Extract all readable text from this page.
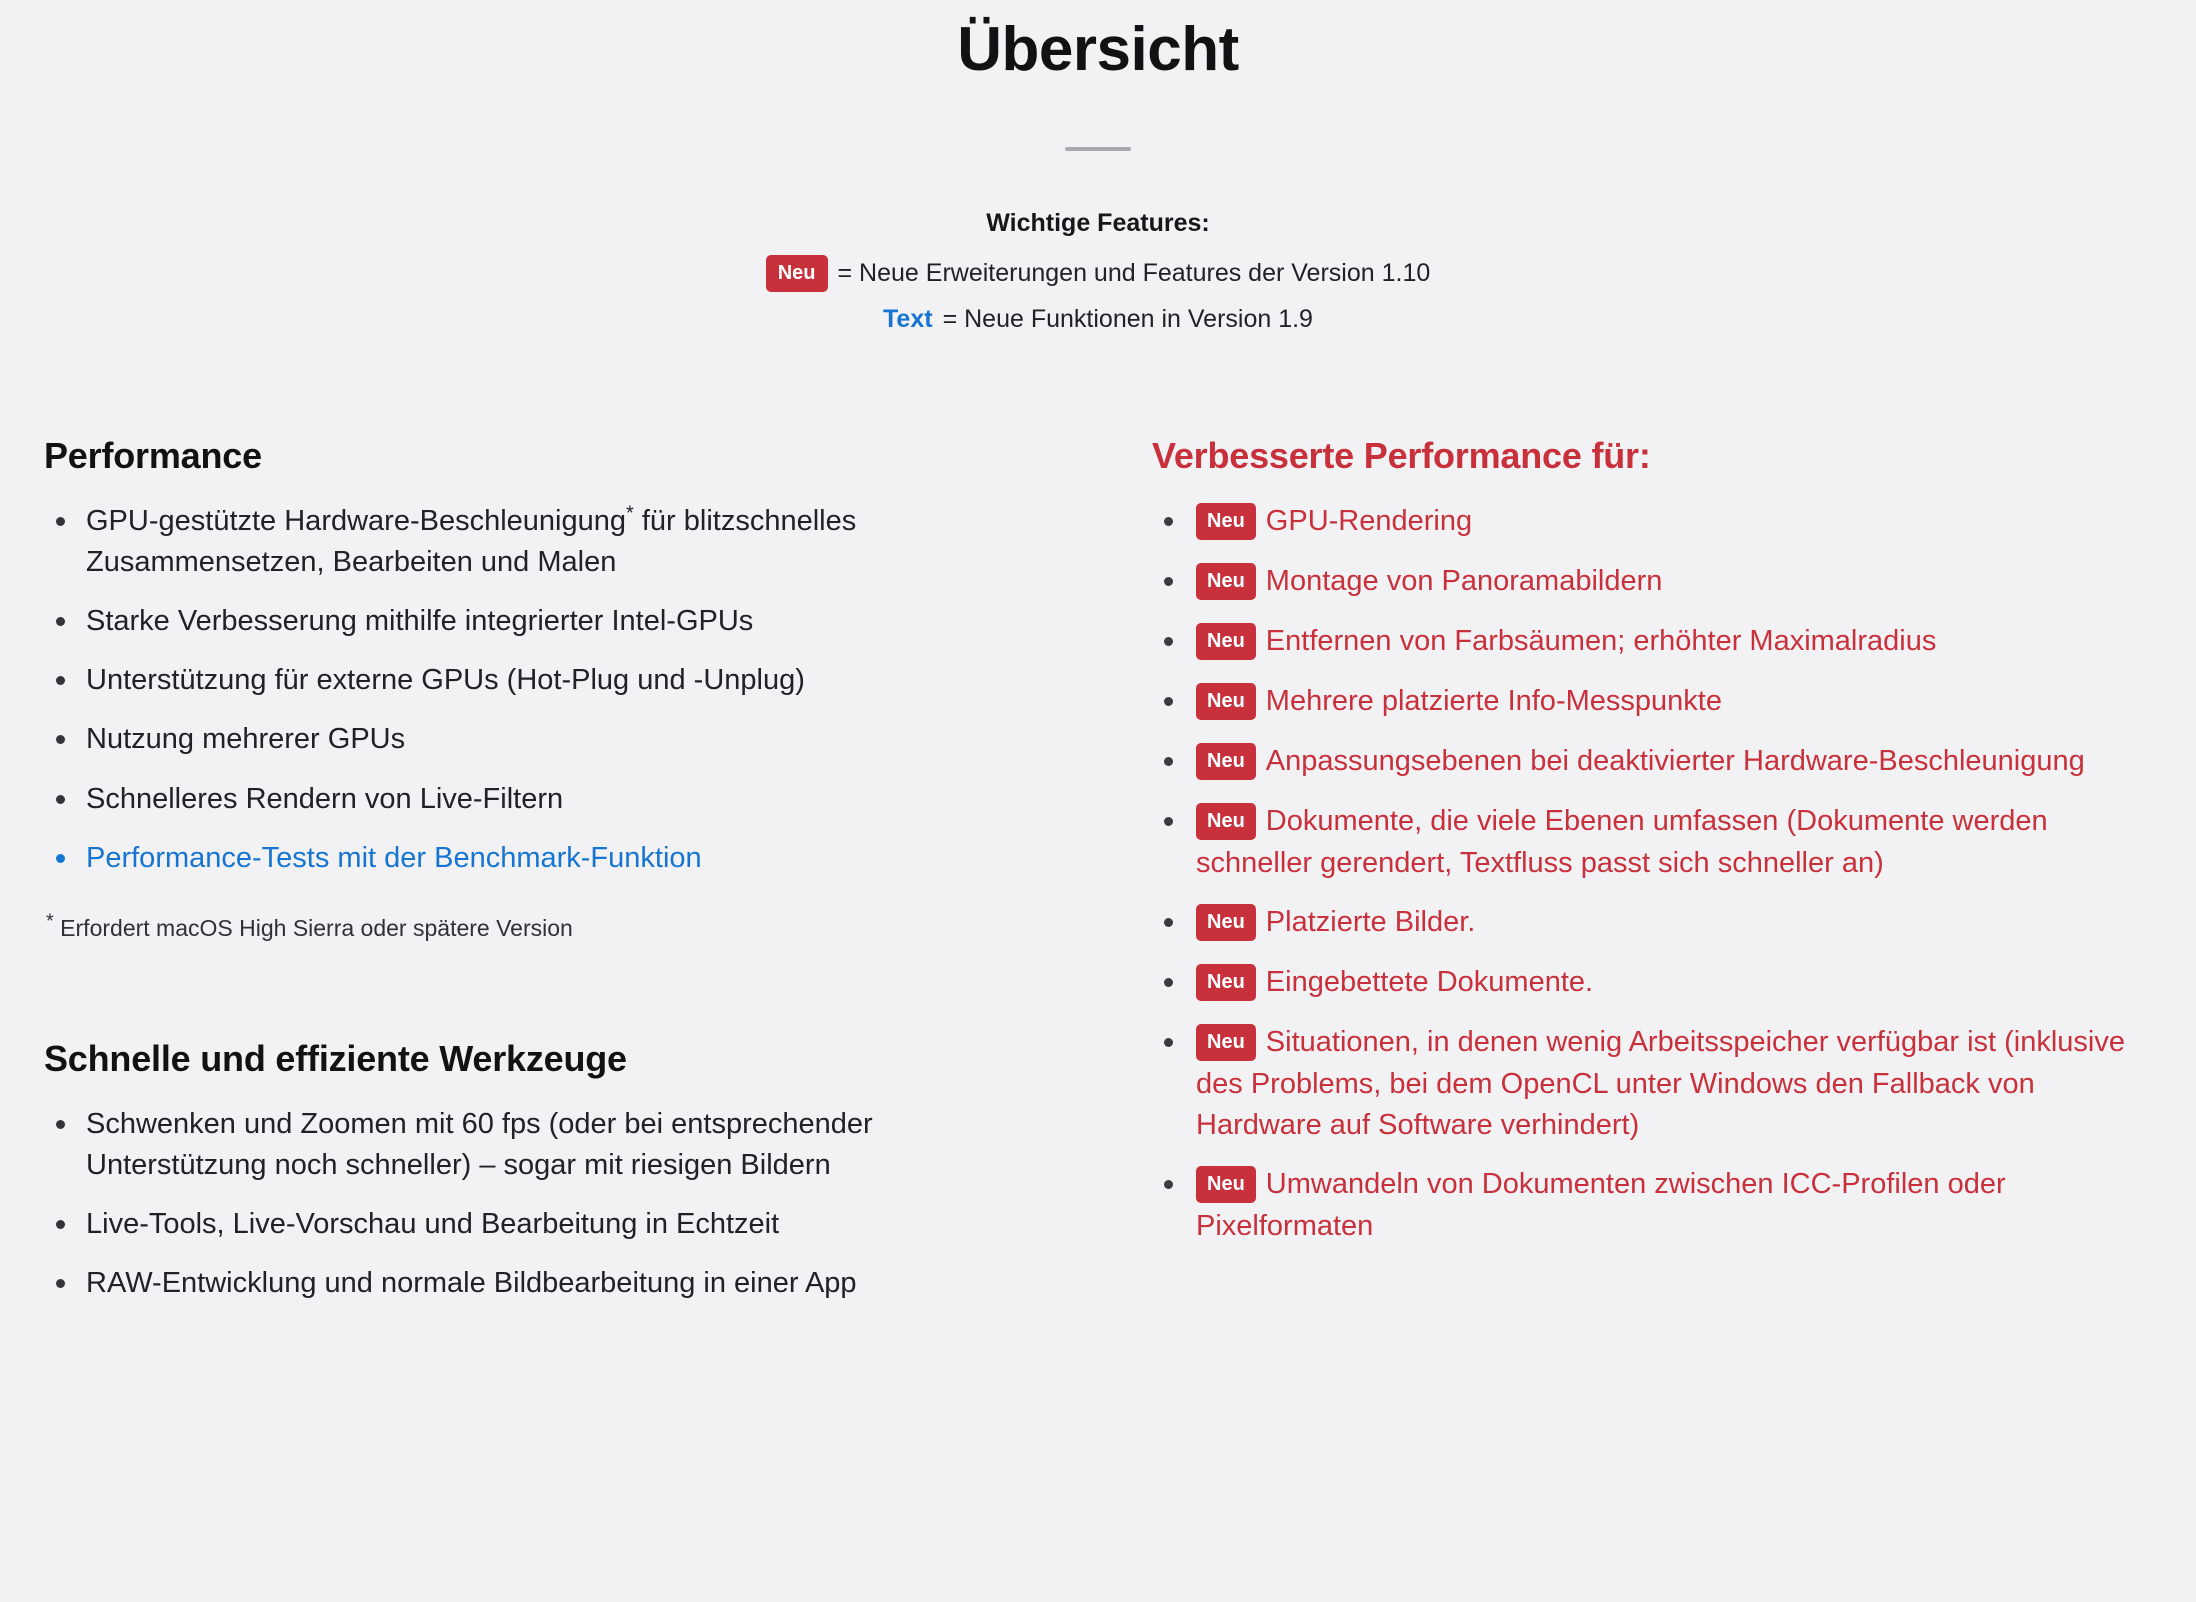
Übersicht
Wichtige Features:
Neu = Neue Erweiterungen und Features der Version 1.10
Text = Neue Funktionen in Version 1.9
Performance
GPU-gestützte Hardware-Beschleunigung* für blitzschnelles Zusammensetzen, Bearbeiten und Malen
Starke Verbesserung mithilfe integrierter Intel-GPUs
Unterstützung für externe GPUs (Hot-Plug und -Unplug)
Nutzung mehrerer GPUs
Schnelleres Rendern von Live-Filtern
Performance-Tests mit der Benchmark-Funktion
* Erfordert macOS High Sierra oder spätere Version
Schnelle und effiziente Werkzeuge
Schwenken und Zoomen mit 60 fps (oder bei entsprechender Unterstützung noch schneller) – sogar mit riesigen Bildern
Live-Tools, Live-Vorschau und Bearbeitung in Echtzeit
RAW-Entwicklung und normale Bildbearbeitung in einer App
Verbesserte Performance für:
Neu GPU-Rendering
Neu Montage von Panoramabildern
Neu Entfernen von Farbsäumen; erhöhter Maximalradius
Neu Mehrere platzierte Info-Messpunkte
Neu Anpassungsebenen bei deaktivierter Hardware-Beschleunigung
Neu Dokumente, die viele Ebenen umfassen (Dokumente werden schneller gerendert, Textfluss passt sich schneller an)
Neu Platzierte Bilder.
Neu Eingebettete Dokumente.
Neu Situationen, in denen wenig Arbeitsspeicher verfügbar ist (inklusive des Problems, bei dem OpenCL unter Windows den Fallback von Hardware auf Software verhindert)
Neu Umwandeln von Dokumenten zwischen ICC-Profilen oder Pixelformaten
